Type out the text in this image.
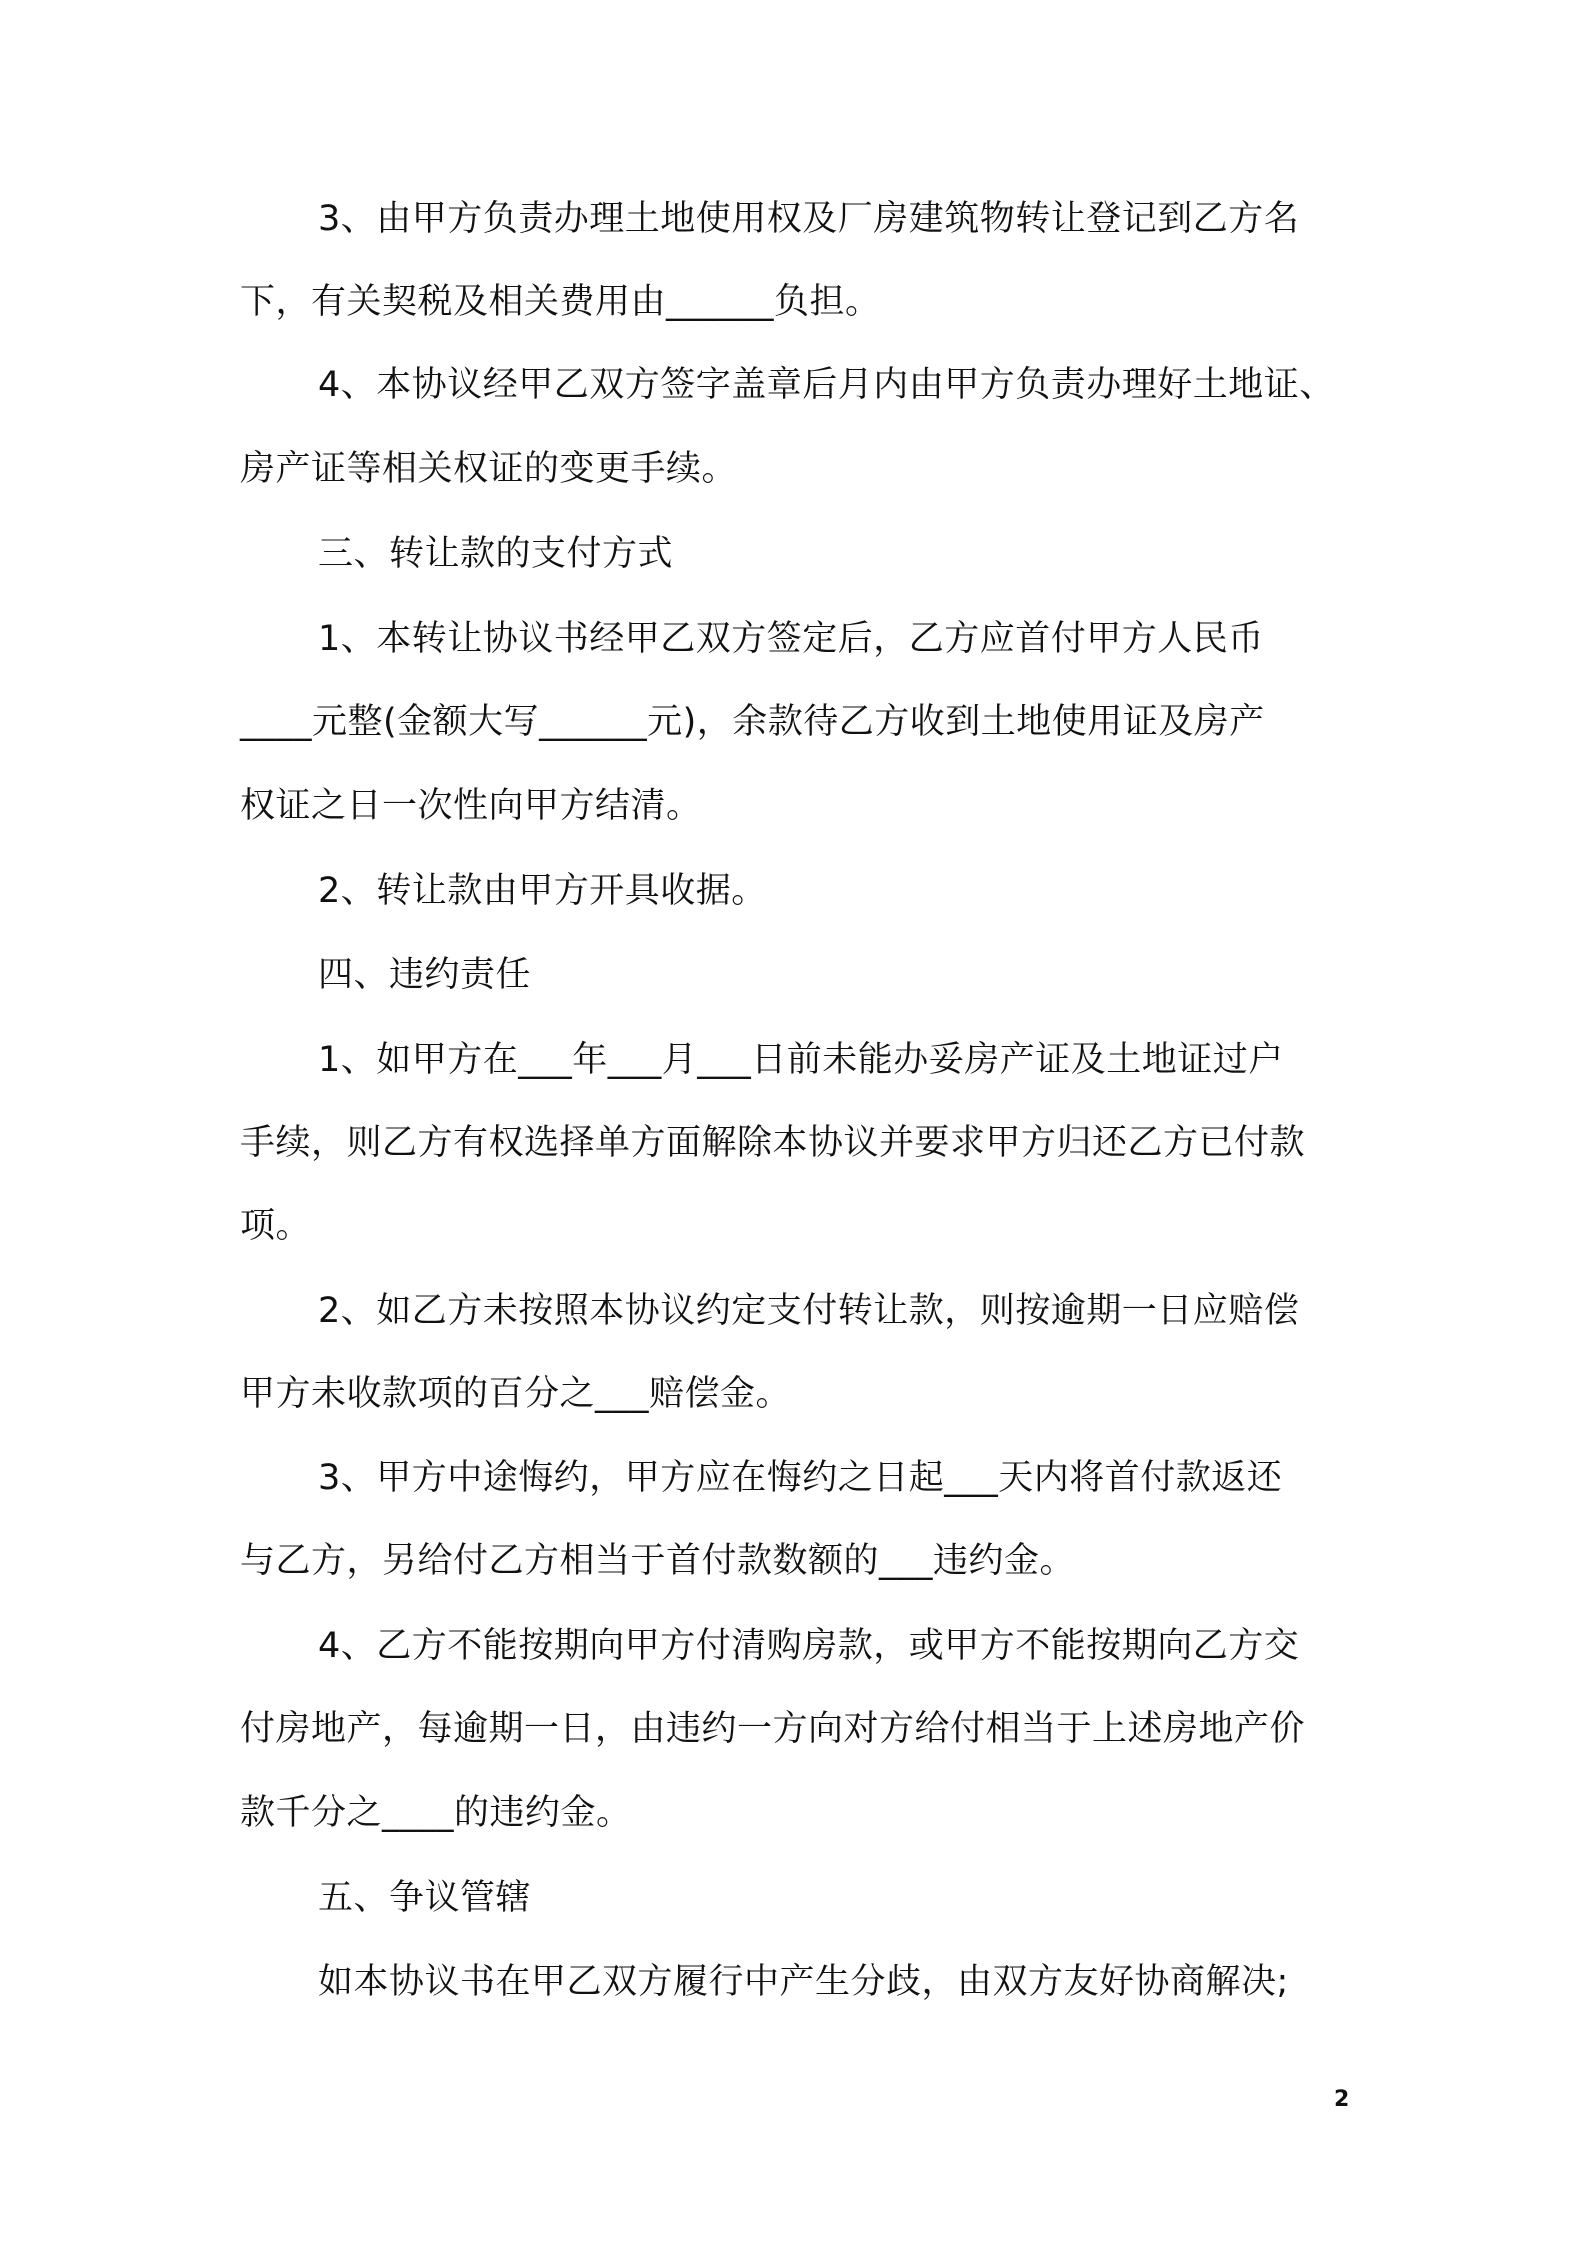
3、由甲方负责办理土地使用权及厂房建筑物转让登记到乙方名
下，有关契税及相关费用由______负担。
4、本协议经甲乙双方签字盖章后月内由甲方负责办理好土地证、
房产证等相关权证的变更手续。
三、转让款的支付方式
1、本转让协议书经甲乙双方签定后，乙方应首付甲方人民币
____元整(金额大写______元)，余款待乙方收到土地使用证及房产
权证之日一次性向甲方结清。
2、转让款由甲方开具收据。
四、违约责任
1、如甲方在___年___月___日前未能办妥房产证及土地证过户
手续，则乙方有权选择单方面解除本协议并要求甲方归还乙方已付款
项。
2、如乙方未按照本协议约定支付转让款，则按逾期一日应赔偿
甲方未收款项的百分之___赔偿金。
3、甲方中途悔约，甲方应在悔约之日起___天内将首付款返还
与乙方，另给付乙方相当于首付款数额的___违约金。
4、乙方不能按期向甲方付清购房款，或甲方不能按期向乙方交
付房地产，每逾期一日，由违约一方向对方给付相当于上述房地产价
款千分之____的违约金。
五、争议管辖
如本协议书在甲乙双方履行中产生分歧，由双方友好协商解决;
2
